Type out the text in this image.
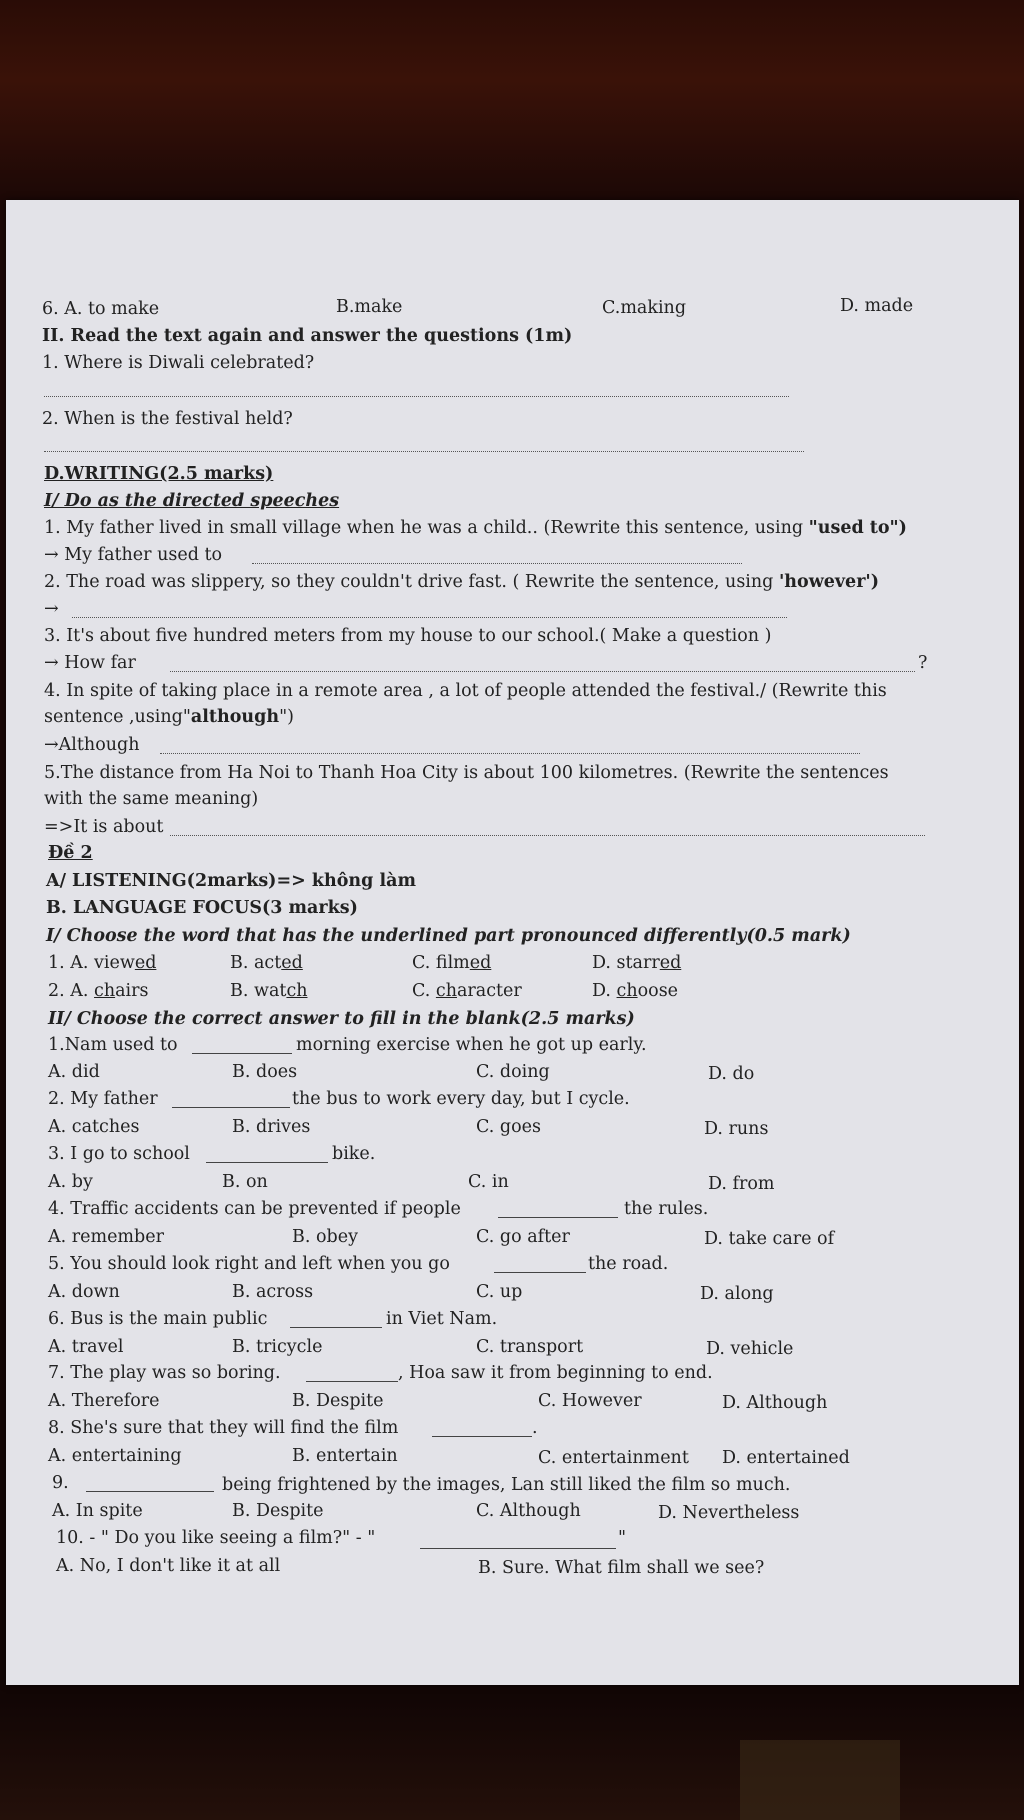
6. A. to make	B.make	C.making	D. made
II. Read the text again and answer the questions (1m)
1. Where is Diwali celebrated?
2. When is the festival held?
D.WRITING(2.5 marks)
I/ Do as the directed speeches
1. My father lived in small village when he was a child.. (Rewrite this sentence, using "used to")
→ My father used to
2. The road was slippery, so they couldn't drive fast. ( Rewrite the sentence, using 'however')
→
3. It's about five hundred meters from my house to our school.( Make a question )
→ How far	?
4. In spite of taking place in a remote area , a lot of people attended the festival./ (Rewrite this
sentence ,using"although")
→Although
5.The distance from Ha Noi to Thanh Hoa City is about 100 kilometres. (Rewrite the sentences
with the same meaning)
=>It is about
Đề 2
A/ LISTENING(2marks)=> không làm
B. LANGUAGE FOCUS(3 marks)
I/ Choose the word that has the underlined part pronounced differently(0.5 mark)
1. A. viewed	B. acted	C. filmed	D. starred
2. A. chairs	B. watch	C. character	D. choose
II/ Choose the correct answer to fill in the blank(2.5 marks)
1.Nam used to	morning exercise when he got up early.
A. did	B. does	C. doing	D. do
2. My father	the bus to work every day, but I cycle.
A. catches	B. drives	C. goes	D. runs
3. I go to school	bike.
A. by	B. on	C. in	D. from
4. Traffic accidents can be prevented if people	the rules.
A. remember	B. obey	C. go after	D. take care of
5. You should look right and left when you go	the road.
A. down	B. across	C. up	D. along
6. Bus is the main public	in Viet Nam.
A. travel	B. tricycle	C. transport	D. vehicle
7. The play was so boring.	, Hoa saw it from beginning to end.
A. Therefore	B. Despite	C. However	D. Although
8. She's sure that they will find the film	.
A. entertaining	B. entertain	C. entertainment D. entertained
9.	being frightened by the images, Lan still liked the film so much.
A. In spite	B. Despite	C. Although	D. Nevertheless
10. - " Do you like seeing a film?" - "	"
A. No, I don't like it at all	B. Sure. What film shall we see?
